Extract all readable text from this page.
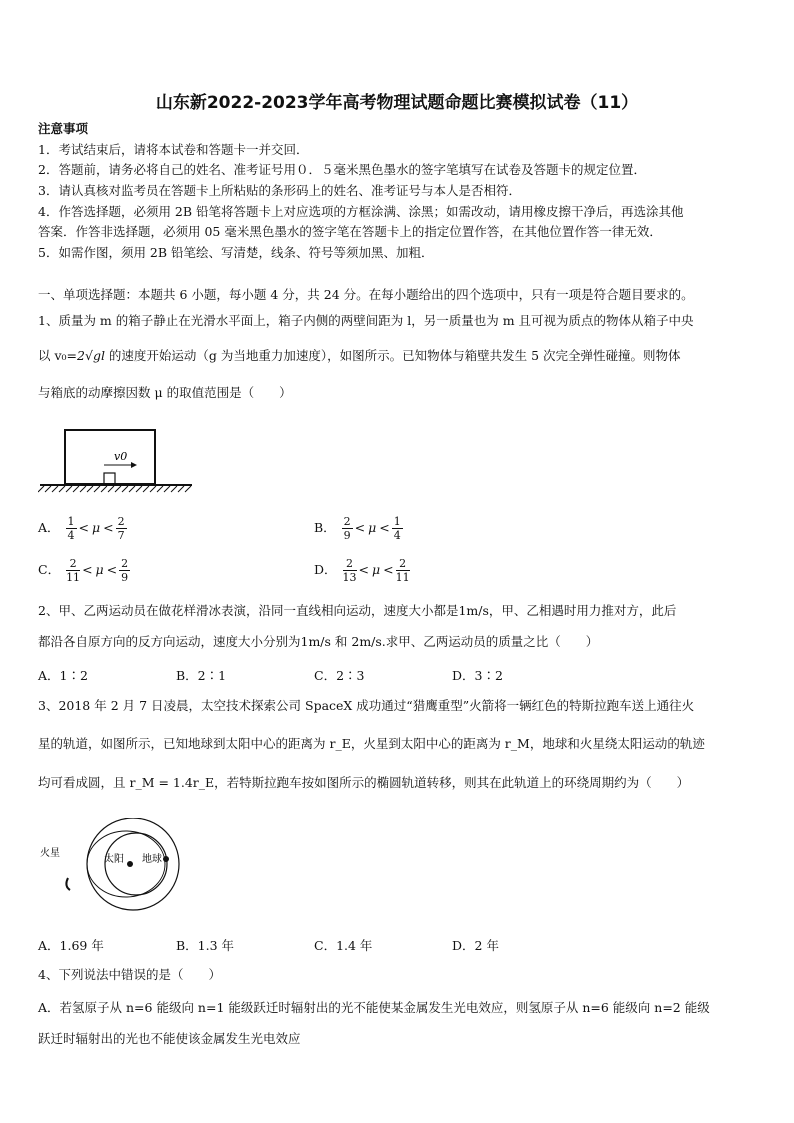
山东新2022-2023学年高考物理试题命题比赛模拟试卷（11）
注意事项
1．考试结束后，请将本试卷和答题卡一并交回．
2．答题前，请务必将自己的姓名、准考证号用０．５毫米黑色墨水的签字笔填写在试卷及答题卡的规定位置．
3．请认真核对监考员在答题卡上所粘贴的条形码上的姓名、准考证号与本人是否相符．
4．作答选择题，必须用 2B 铅笔将答题卡上对应选项的方框涂满、涂黑；如需改动，请用橡皮擦干净后，再选涂其他
答案．作答非选择题，必须用 05 毫米黑色墨水的签字笔在答题卡上的指定位置作答，在其他位置作答一律无效．
5．如需作图，须用 2B 铅笔绘、写清楚，线条、符号等须加黑、加粗．
一、单项选择题：本题共 6 小题，每小题 4 分，共 24 分。在每小题给出的四个选项中，只有一项是符合题目要求的。
1、质量为 m 的箱子静止在光滑水平面上，箱子内侧的两壁间距为 l，另一质量也为 m 且可视为质点的物体从箱子中央
以 v₀=2√gl 的速度开始运动（g 为当地重力加速度），如图所示。已知物体与箱壁共发生 5 次完全弹性碰撞。则物体
与箱底的动摩擦因数 μ 的取值范围是（　　）
v0
A． $\frac{1}{4} < \mu < \frac{2}{7}$	B． $\frac{2}{9} < \mu < \frac{1}{4}$
C． $\frac{2}{11} < \mu < \frac{2}{9}$	D． $\frac{2}{13} < \mu < \frac{2}{11}$
2、甲、乙两运动员在做花样滑冰表演，沿同一直线相向运动，速度大小都是1m/s，甲、乙相遇时用力推对方，此后
都沿各自原方向的反方向运动，速度大小分别为1m/s 和 2m/s.求甲、乙两运动员的质量之比（　　）
A．1∶2	B．2∶1	C．2∶3	D．3∶2
3、2018 年 2 月 7 日凌晨，太空技术探索公司 SpaceX 成功通过“猎鹰重型”火箭将一辆红色的特斯拉跑车送上通往火
星的轨道，如图所示，已知地球到太阳中心的距离为 r_E，火星到太阳中心的距离为 r_M，地球和火星绕太阳运动的轨迹
均可看成圆，且 r_M = 1.4r_E，若特斯拉跑车按如图所示的椭圆轨道转移，则其在此轨道上的环绕周期约为（　　）
火星
太阳 地球
A．1.69 年	B．1.3 年	C．1.4 年	D．2 年
4、下列说法中错误的是（　　）
A．若氢原子从 n=6 能级向 n=1 能级跃迁时辐射出的光不能使某金属发生光电效应，则氢原子从 n=6 能级向 n=2 能级
跃迁时辐射出的光也不能使该金属发生光电效应
